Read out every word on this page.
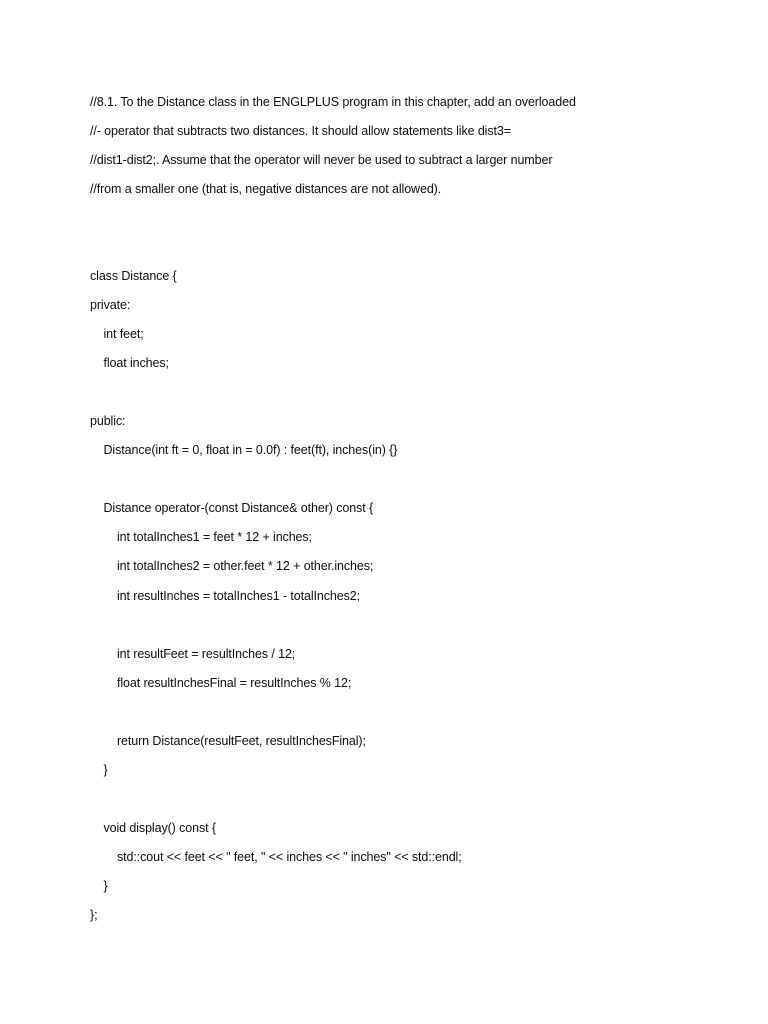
//8.1. To the Distance class in the ENGLPLUS program in this chapter, add an overloaded
//- operator that subtracts two distances. It should allow statements like dist3=
//dist1-dist2;. Assume that the operator will never be used to subtract a larger number
//from a smaller one (that is, negative distances are not allowed).
class Distance {
private:
int feet;
float inches;
public:
Distance(int ft = 0, float in = 0.0f) : feet(ft), inches(in) {}
Distance operator-(const Distance& other) const {
int totalInches1 = feet * 12 + inches;
int totalInches2 = other.feet * 12 + other.inches;
int resultInches = totalInches1 - totalInches2;
int resultFeet = resultInches / 12;
float resultInchesFinal = resultInches % 12;
return Distance(resultFeet, resultInchesFinal);
}
void display() const {
std::cout << feet << " feet, " << inches << " inches" << std::endl;
}
};
